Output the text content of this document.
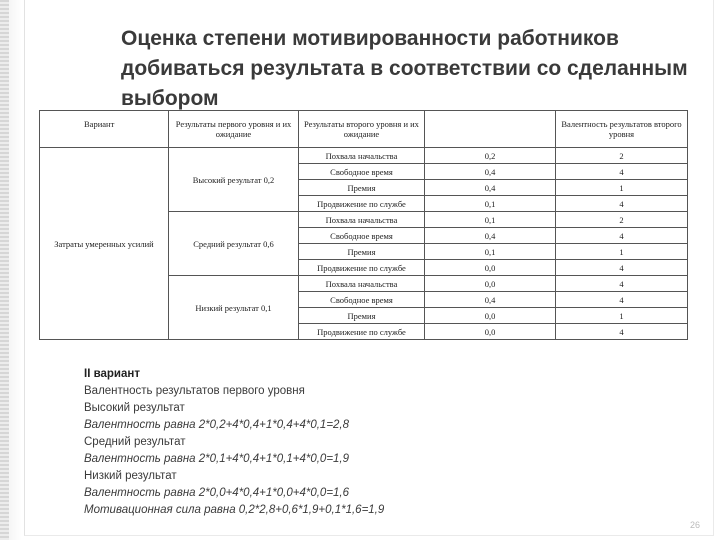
Оценка степени мотивированности работников
добиваться результата в соответствии со сделанным
выбором
Вариант	Результаты первого уровня и их ожидание	Результаты второго уровня и их ожидание		Валентность результатов второго уровня
Затраты умеренных усилий	Высокий результат 0,2	Похвала начальства	0,2	2
		Свободное время	0,4	4
		Премия	0,4	1
		Продвижение по службе	0,1	4
	Средний результат 0,6	Похвала начальства	0,1	2
		Свободное время	0,4	4
		Премия	0,1	1
		Продвижение по службе	0,0	4
	Низкий результат 0,1	Похвала начальства	0,0	4
		Свободное время	0,4	4
		Премия	0,0	1
		Продвижение по службе	0,0	4
II вариант
Валентность результатов первого уровня
Высокий результат
Валентность равна 2*0,2+4*0,4+1*0,4+4*0,1=2,8
Средний результат
Валентность равна 2*0,1+4*0,4+1*0,1+4*0,0=1,9
Низкий результат
Валентность равна 2*0,0+4*0,4+1*0,0+4*0,0=1,6
Мотивационная сила равна 0,2*2,8+0,6*1,9+0,1*1,6=1,9
26
